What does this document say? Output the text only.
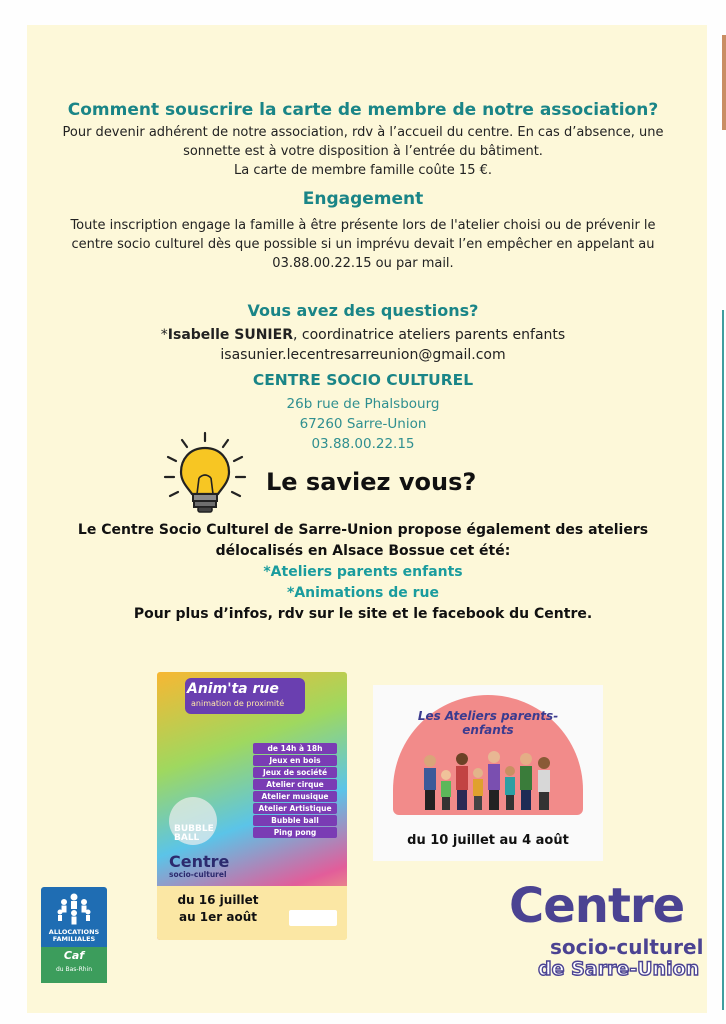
Comment souscrire la carte de membre de notre association?
Pour devenir adhérent de notre association, rdv à l’accueil du centre. En cas d’absence, une
sonnette est à votre disposition à l’entrée du bâtiment.
La carte de membre famille coûte 15 €.
Engagement
Toute inscription engage la famille à être présente lors de l'atelier choisi ou de prévenir le
centre socio culturel dès que possible si un imprévu devait l’en empêcher en appelant au
03.88.00.22.15 ou par mail.
Vous avez des questions?
*Isabelle SUNIER, coordinatrice ateliers parents enfants
isasunier.lecentresarreunion@gmail.com
CENTRE SOCIO CULTUREL
26b rue de Phalsbourg
67260 Sarre-Union
03.88.00.22.15
Le saviez vous?
Le Centre Socio Culturel de Sarre-Union propose également des ateliers
délocalisés en Alsace Bossue cet été:
*Ateliers parents enfants
*Animations de rue
Pour plus d’infos, rdv sur le site et le facebook du Centre.
Anim'ta rue
animation de proximité
de 14h à 18h
Jeux en bois
Jeux de société
Atelier cirque
Atelier musique
Atelier Artistique
Bubble ball
Ping pong
BUBBLE
BALL
Centre
socio-culturel
du 16 juillet
au 1er août
Les Ateliers parents-enfants
du 10 juillet au 4 août
ALLOCATIONS
FAMILIALES
Caf
du Bas-Rhin
Centre
socio-culturel
de Sarre-Union
